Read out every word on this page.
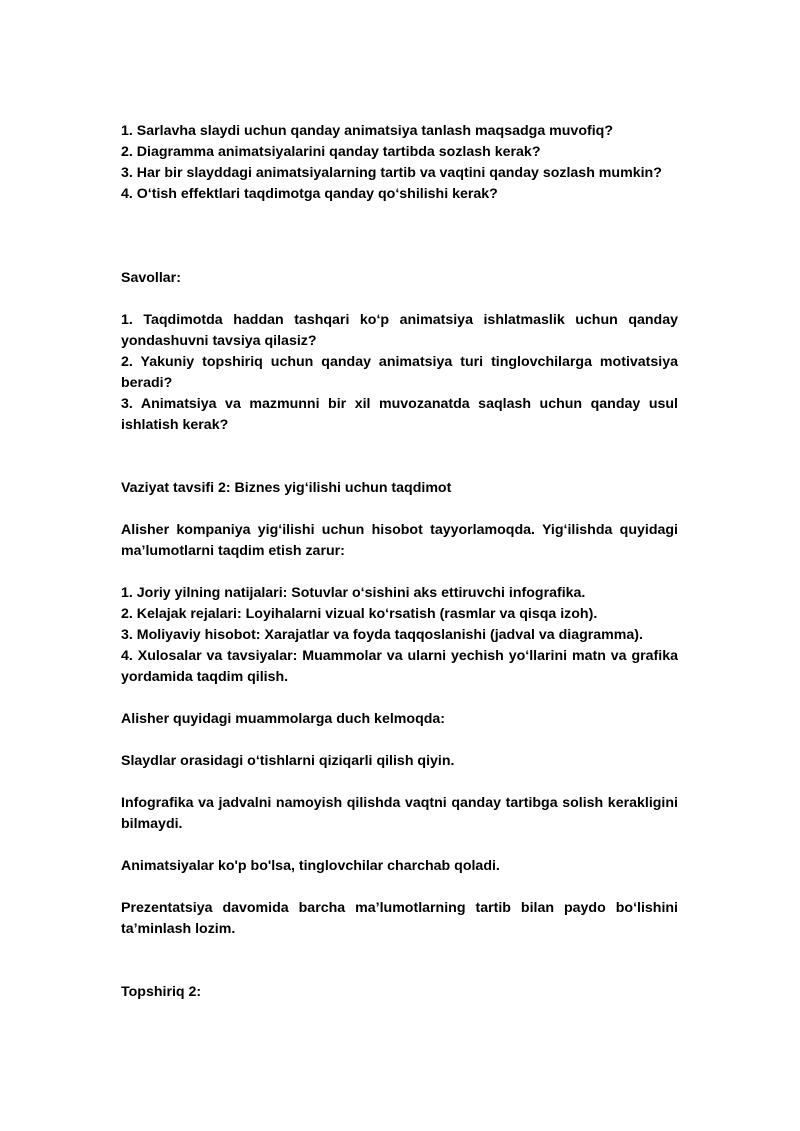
1. Sarlavha slaydi uchun qanday animatsiya tanlash maqsadga muvofiq?

2. Diagramma animatsiyalarini qanday tartibda sozlash kerak?

3. Har bir slayddagi animatsiyalarning tartib va vaqtini qanday sozlash mumkin?

4. O‘tish effektlari taqdimotga qanday qo‘shilishi kerak?

Savollar:

1. Taqdimotda haddan tashqari ko‘p animatsiya ishlatmaslik uchun qanday yondashuvni tavsiya qilasiz?

2. Yakuniy topshiriq uchun qanday animatsiya turi tinglovchilarga motivatsiya beradi?

3. Animatsiya va mazmunni bir xil muvozanatda saqlash uchun qanday usul ishlatish kerak?

Vaziyat tavsifi 2: Biznes yig‘ilishi uchun taqdimot

Alisher kompaniya yig‘ilishi uchun hisobot tayyorlamoqda. Yig‘ilishda quyidagi ma’lumotlarni taqdim etish zarur:

1. Joriy yilning natijalari: Sotuvlar o‘sishini aks ettiruvchi infografika.

2. Kelajak rejalari: Loyihalarni vizual ko‘rsatish (rasmlar va qisqa izoh).

3. Moliyaviy hisobot: Xarajatlar va foyda taqqoslanishi (jadval va diagramma).

4. Xulosalar va tavsiyalar: Muammolar va ularni yechish yo‘llarini matn va grafika yordamida taqdim qilish.

Alisher quyidagi muammolarga duch kelmoqda:

Slaydlar orasidagi o‘tishlarni qiziqarli qilish qiyin.

Infografika va jadvalni namoyish qilishda vaqtni qanday tartibga solish kerakligini bilmaydi.

Animatsiyalar ko'p bo'lsa, tinglovchilar charchab qoladi.

Prezentatsiya davomida barcha ma’lumotlarning tartib bilan paydo bo‘lishini ta’minlash lozim.

Topshiriq 2:
